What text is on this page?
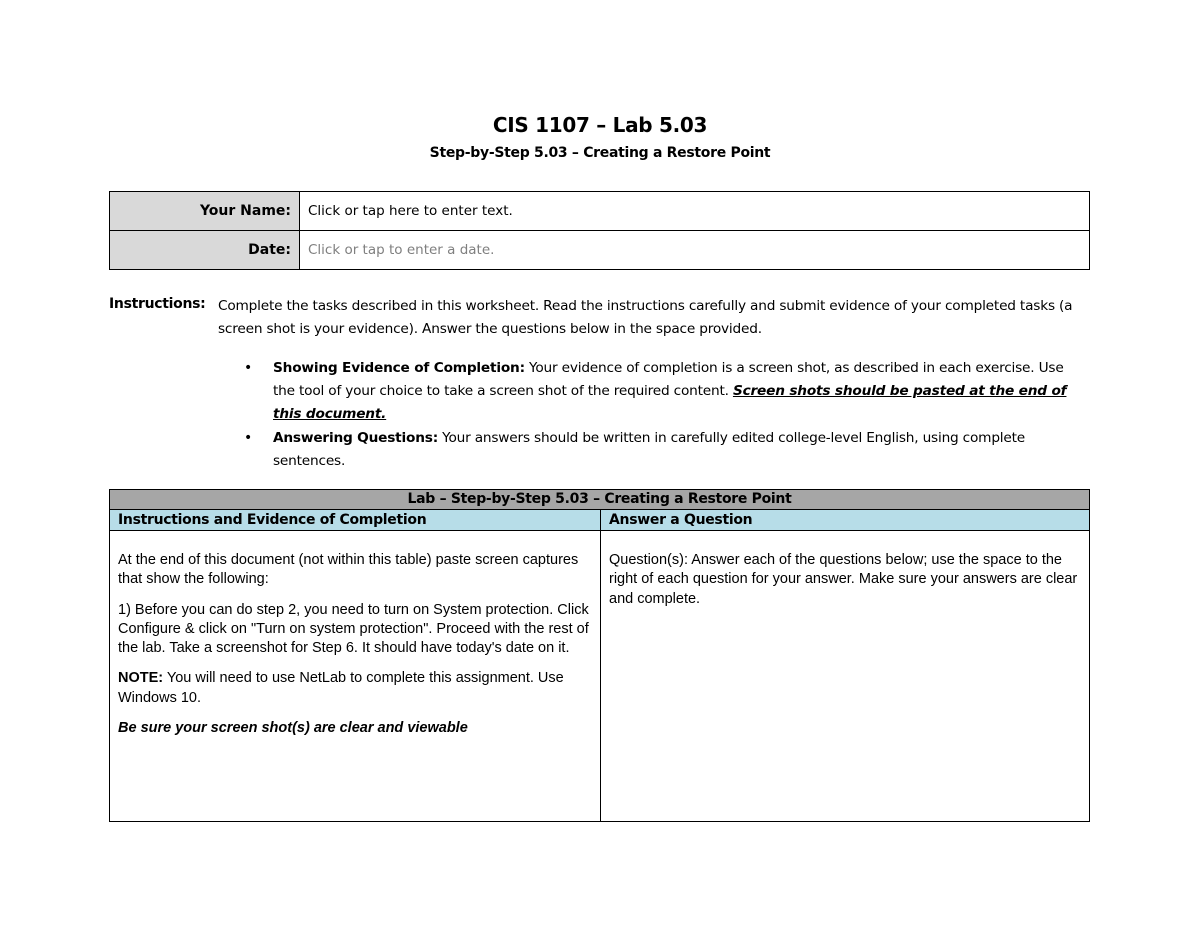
CIS 1107 – Lab 5.03
Step-by-Step 5.03 – Creating a Restore Point
Your Name:	Click or tap here to enter text.
Date:	Click or tap to enter a date.
Instructions: Complete the tasks described in this worksheet. Read the instructions carefully and submit evidence of your completed tasks (a screen shot is your evidence). Answer the questions below in the space provided.
• Showing Evidence of Completion: Your evidence of completion is a screen shot, as described in each exercise. Use the tool of your choice to take a screen shot of the required content. Screen shots should be pasted at the end of this document.
• Answering Questions: Your answers should be written in carefully edited college-level English, using complete sentences.
Lab – Step-by-Step 5.03 – Creating a Restore Point	
Instructions and Evidence of Completion	Answer a Question

At the end of this document (not within this table) paste screen captures that show the following:

1) Before you can do step 2, you need to turn on System protection. Click Configure & click on "Turn on system protection". Proceed with the rest of the lab. Take a screenshot for Step 6. It should have today's date on it.

NOTE: You will need to use NetLab to complete this assignment. Use Windows 10.

Be sure your screen shot(s) are clear and viewable	Question(s): Answer each of the questions below; use the space to the right of each question for your answer. Make sure your answers are clear and complete.
